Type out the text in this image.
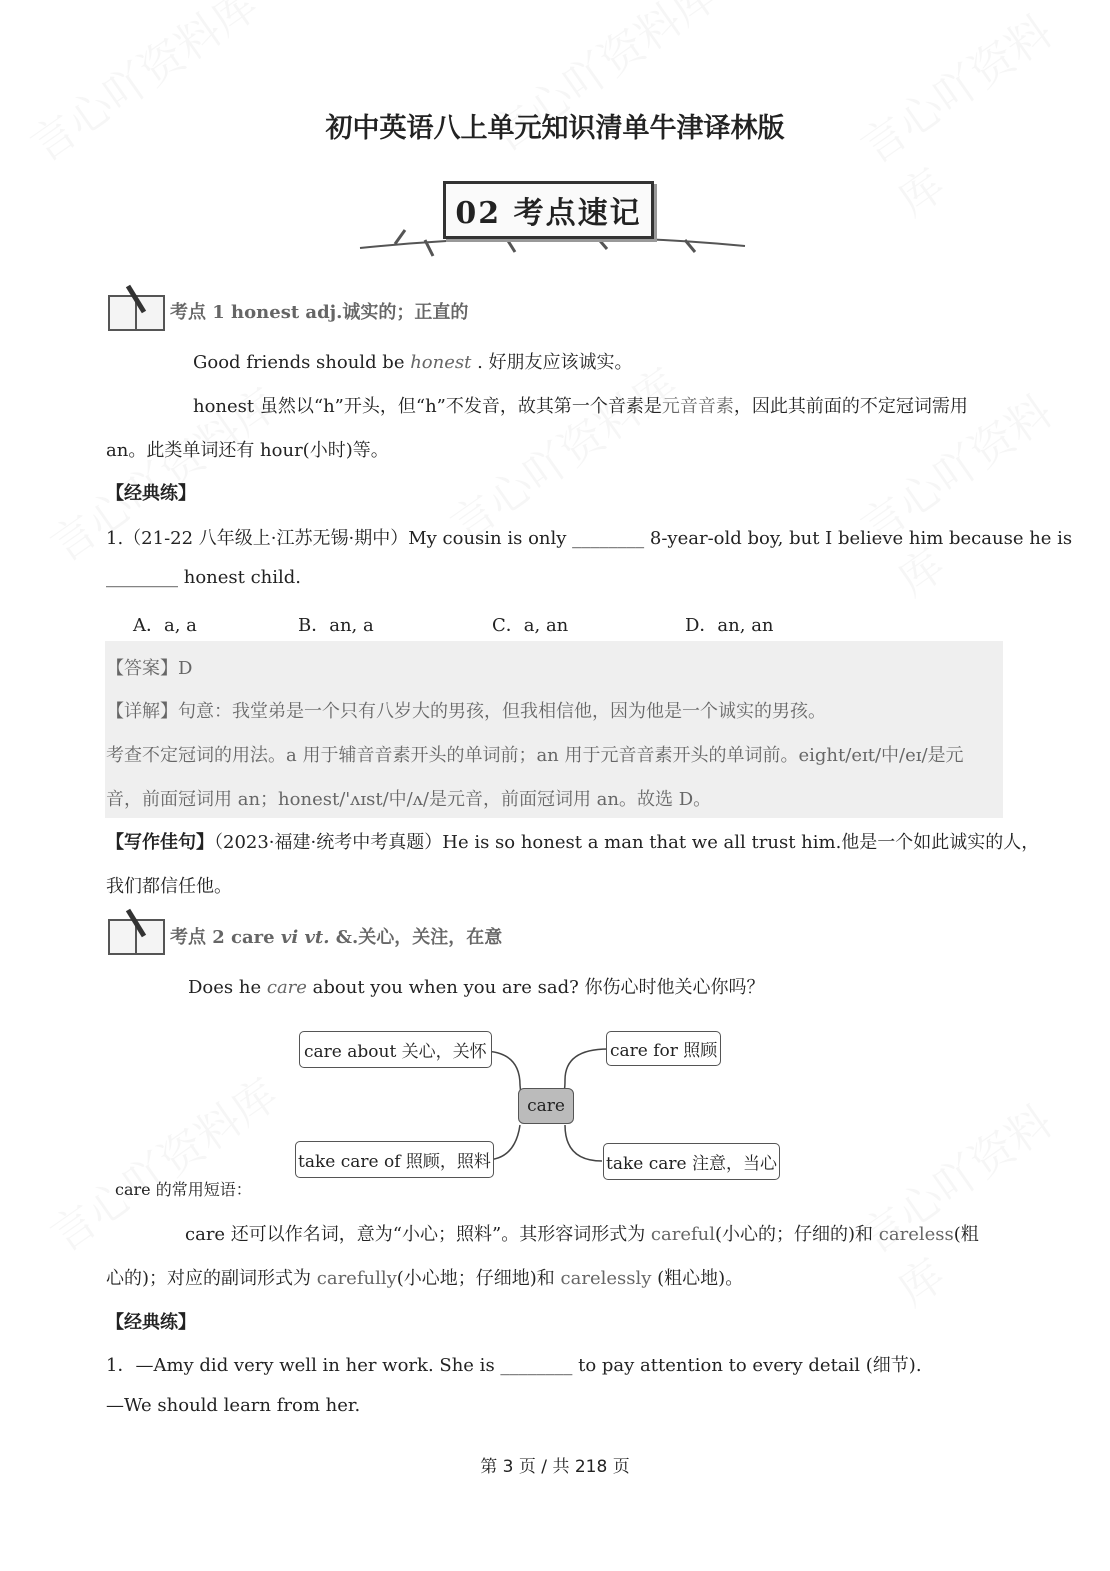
初中英语八上单元知识清单牛津译林版
02 考点速记
考点 1 honest adj.诚实的；正直的
Good friends should be honest . 好朋友应该诚实。
honest 虽然以“h”开头，但“h”不发音，故其第一个音素是元音音素，因此其前面的不定冠词需用
an。此类单词还有 hour(小时)等。
【经典练】
1.（21-22 八年级上·江苏无锡·期中）My cousin is only ________ 8-year-old boy, but I believe him because he is
________ honest child.
A．a, a	B．an, a	C．a, an	D．an, an
【答案】D
【详解】句意：我堂弟是一个只有八岁大的男孩，但我相信他，因为他是一个诚实的男孩。
考查不定冠词的用法。a 用于辅音音素开头的单词前；an 用于元音音素开头的单词前。eight/eɪt/中/eɪ/是元
音，前面冠词用 an；honest/'ʌɪst/中/ʌ/是元音，前面冠词用 an。故选 D。
【写作佳句】（2023·福建·统考中考真题）He is so honest a man that we all trust him.他是一个如此诚实的人，
我们都信任他。
考点 2 care vi vt. &.关心，关注，在意
Does he care about you when you are sad? 你伤心时他关心你吗？
care
care about 关心，关怀	care for 照顾
take care of 照顾，照料	take care 注意，当心
care 的常用短语：
care 还可以作名词，意为“小心；照料”。其形容词形式为 careful(小心的；仔细的)和 careless(粗
心的)；对应的副词形式为 carefully(小心地；仔细地)和 carelessly (粗心地)。
【经典练】
1．—Amy did very well in her work. She is ________ to pay attention to every detail (细节).
—We should learn from her.
第 3 页 / 共 218 页
